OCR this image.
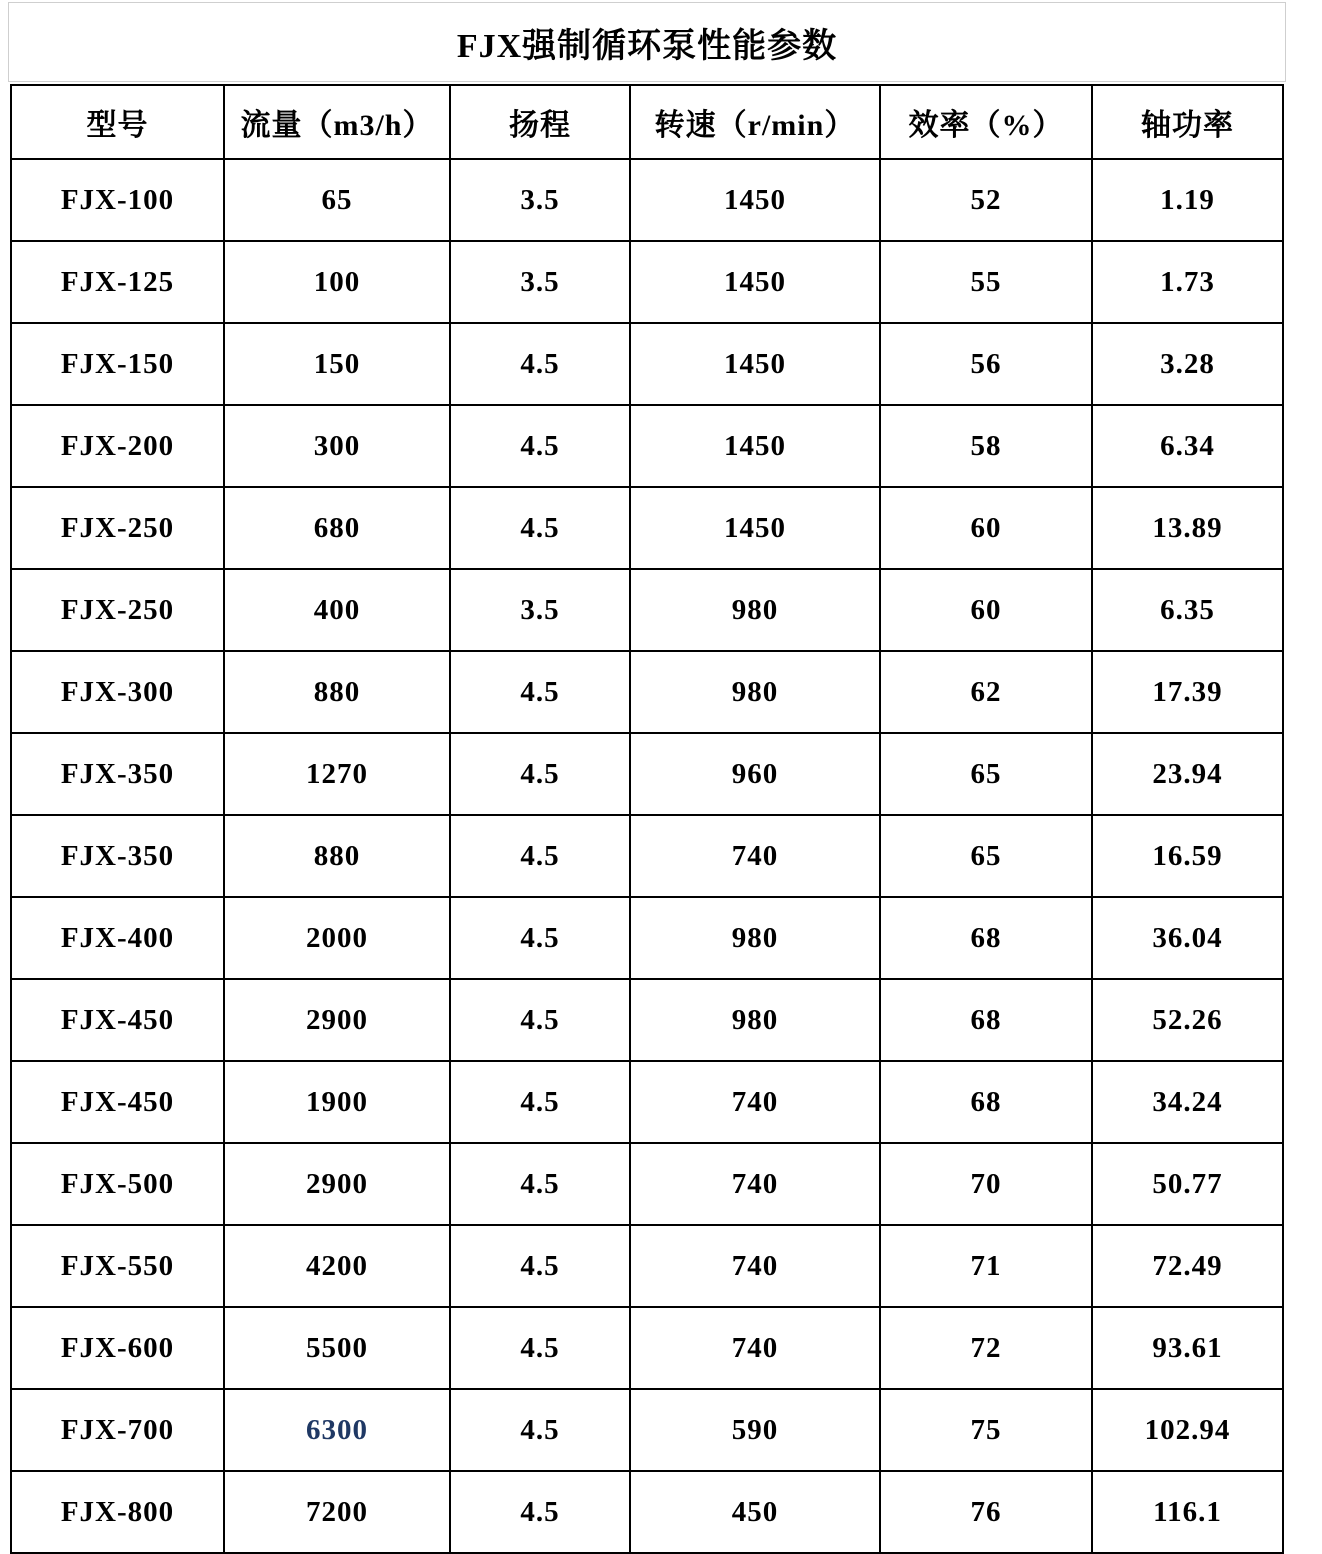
FJX强制循环泵性能参数
型号	流量（m3/h）	扬程	转速（r/min）	效率（%）	轴功率
FJX-100	65	3.5	1450	52	1.19
FJX-125	100	3.5	1450	55	1.73
FJX-150	150	4.5	1450	56	3.28
FJX-200	300	4.5	1450	58	6.34
FJX-250	680	4.5	1450	60	13.89
FJX-250	400	3.5	980	60	6.35
FJX-300	880	4.5	980	62	17.39
FJX-350	1270	4.5	960	65	23.94
FJX-350	880	4.5	740	65	16.59
FJX-400	2000	4.5	980	68	36.04
FJX-450	2900	4.5	980	68	52.26
FJX-450	1900	4.5	740	68	34.24
FJX-500	2900	4.5	740	70	50.77
FJX-550	4200	4.5	740	71	72.49
FJX-600	5500	4.5	740	72	93.61
FJX-700	6300	4.5	590	75	102.94
FJX-800	7200	4.5	450	76	116.1
